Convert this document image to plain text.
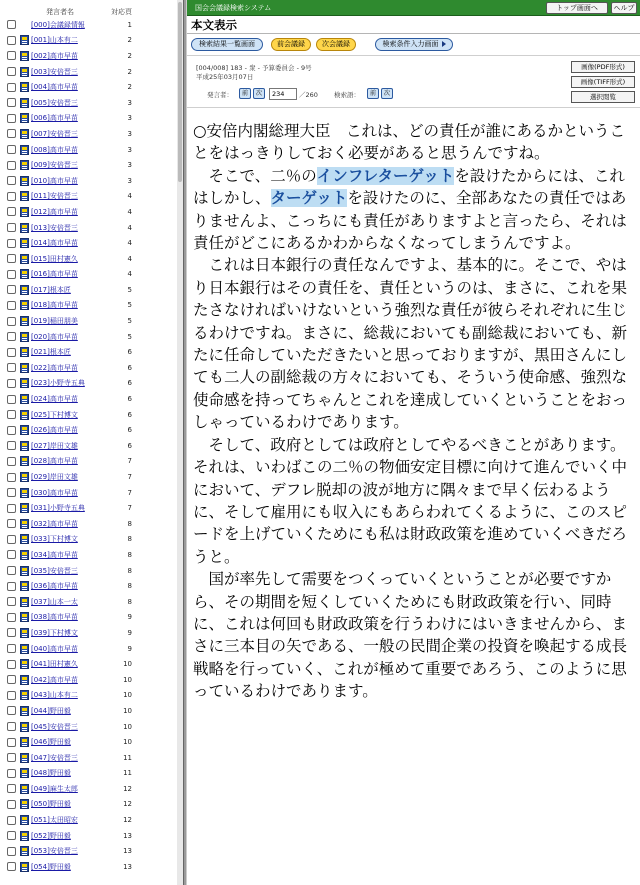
発言者名	対応頁
[000]会議録情報	1
[001]山本有二	2
[002]高市早苗	2
[003]安倍晋三	2
[004]高市早苗	2
[005]安倍晋三	3
[006]高市早苗	3
[007]安倍晋三	3
[008]高市早苗	3
[009]安倍晋三	3
[010]高市早苗	3
[011]安倍晋三	4
[012]高市早苗	4
[013]安倍晋三	4
[014]高市早苗	4
[015]田村憲久	4
[016]高市早苗	4
[017]根本匠	5
[018]高市早苗	5
[019]稲田朋美	5
[020]高市早苗	5
[021]根本匠	6
[022]高市早苗	6
[023]小野寺五典	6
[024]高市早苗	6
[025]下村博文	6
[026]高市早苗	6
[027]岸田文雄	6
[028]高市早苗	7
[029]岸田文雄	7
[030]高市早苗	7
[031]小野寺五典	7
[032]高市早苗	8
[033]下村博文	8
[034]高市早苗	8
[035]安倍晋三	8
[036]高市早苗	8
[037]山本一太	8
[038]高市早苗	9
[039]下村博文	9
[040]高市早苗	9
[041]田村憲久	10
[042]高市早苗	10
[043]山本有二	10
[044]野田毅	10
[045]安倍晋三	10
[046]野田毅	10
[047]安倍晋三	11
[048]野田毅	11
[049]麻生太郎	12
[050]野田毅	12
[051]太田昭宏	12
[052]野田毅	13
[053]安倍晋三	13
[054]野田毅	13
国会会議録検索システム	トップ画面へ	ヘルプ
本文表示
検索結果一覧画面	前会議録	次会議録	検索条件入力画面
[004/008] 183 - 衆 - 予算委員会 - 9号
平成25年03月07日
発言者：	前	次
234	／260 検索語：	前	次
画像(PDF形式)
画像(TIFF形式)
選択閲覧

○安倍内閣総理大臣　これは、どの責任が誰にあるかということをはっきりしておく必要があると思うんですね。

そこで、二％のインフレターゲットを設けたからには、これはしかし、ターゲットを設けたのに、全部あなたの責任ではありませんよ、こっちにも責任がありますよと言ったら、それは責任がどこにあるかわからなくなってしまうんですよ。

これは日本銀行の責任なんですよ、基本的に。そこで、やはり日本銀行はその責任を、責任というのは、まさに、これを果たさなければいけないという強烈な責任が彼らそれぞれに生じるわけですね。まさに、総裁においても副総裁においても、新たに任命していただきたいと思っておりますが、黒田さんにしても二人の副総裁の方々においても、そういう使命感、強烈な使命感を持ってちゃんとこれを達成していくということをおっしゃっているわけであります。

そして、政府としては政府としてやるべきことがあります。それは、いわばこの二％の物価安定目標に向けて進んでいく中において、デフレ脱却の波が地方に隅々まで早く伝わるように、そして雇用にも収入にもあらわれてくるように、このスピードを上げていくためにも私は財政政策を進めていくべきだろうと。

国が率先して需要をつくっていくということが必要ですから、その期間を短くしていくためにも財政政策を行い、同時に、これは何回も財政政策を行うわけにはいきませんから、まさに三本目の矢である、一般の民間企業の投資を喚起する成長戦略を行っていく、これが極めて重要であろう、このように思っているわけであります。
